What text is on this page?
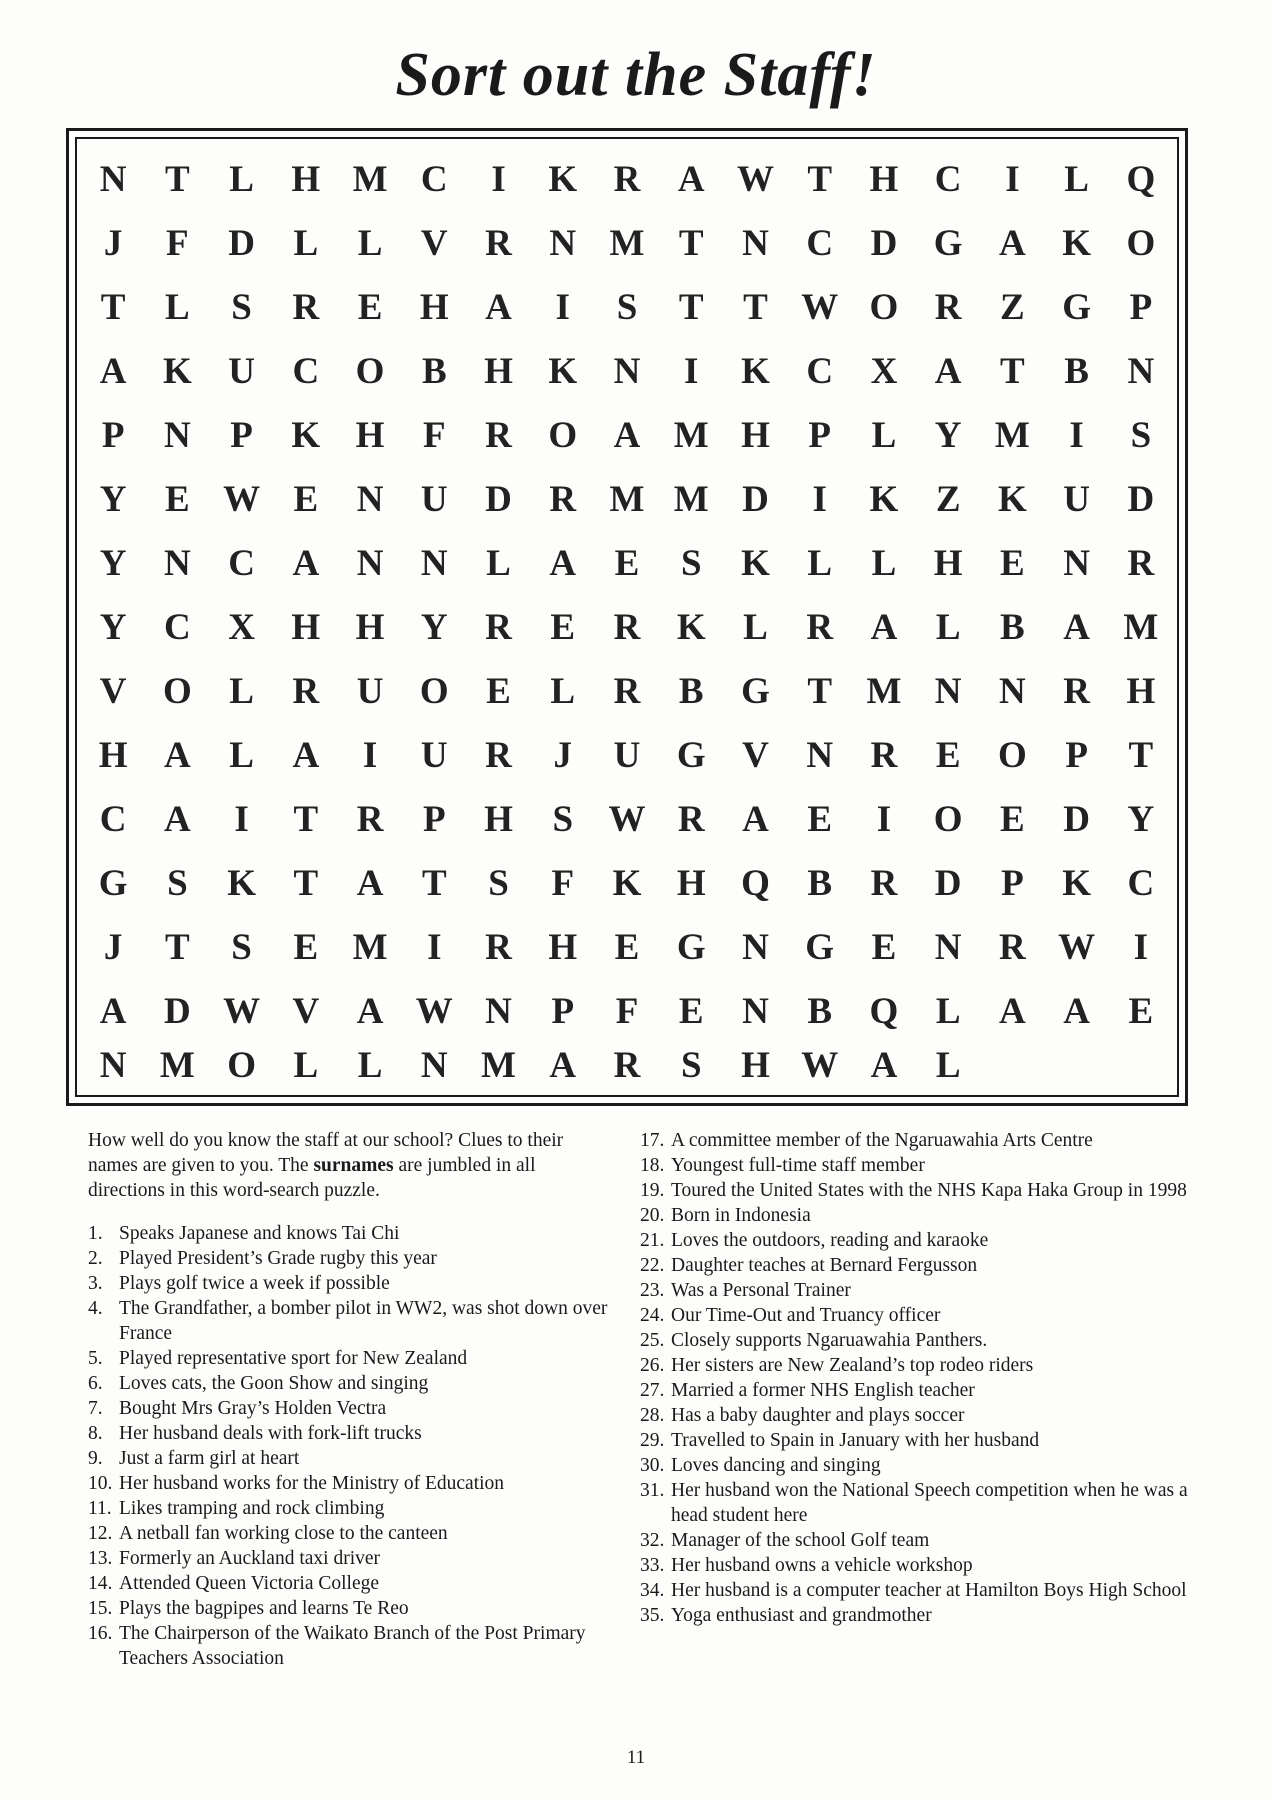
Sort out the Staff!
N	T	L	H M C	I	K R	A W T	H C	I	L	Q
J	F	D	L	L	V	R	N M T	N	C	D G A K O
T	L	S	R	E	H A	I	S	T	T W O R	Z	G	P
A K U	C O	B	H K N	I	K C	X	A	T	B	N
P	N	P	K H	F	R O A M H	P	L	Y M	I	S
Y	E W E	N	U	D	R M M D	I	K	Z	K U	D
Y	N	C	A	N	N	L	A	E	S	K	L	L	H	E	N	R
Y	C	X H H Y	R	E	R K	L	R	A	L	B	A M
V O	L	R	U O	E	L	R	B	G	T M N	N	R H
H A	L	A	I	U	R	J	U G V	N	R	E	O	P	T
C	A	I	T	R	P	H	S W R	A	E	I	O	E	D	Y
G	S	K	T	A	T	S	F	K H Q	B	R	D	P	K C
J	T	S	E M	I	R H	E	G N G	E	N	R W	I
A	D W V	A W N	P	F	E	N	B	Q	L	A	A	E
N M O	L	L	N M A	R	S	H W A	L

How well do you know the staff at our school? Clues to their names are given to you. The surnames are jumbled in all directions in this word-search puzzle.

1. Speaks Japanese and knows Tai Chi
2. Played President’s Grade rugby this year
3. Plays golf twice a week if possible
4. The Grandfather, a bomber pilot in WW2, was shot down over France
5. Played representative sport for New Zealand
6. Loves cats, the Goon Show and singing
7. Bought Mrs Gray’s Holden Vectra
8. Her husband deals with fork-lift trucks
9. Just a farm girl at heart
10. Her husband works for the Ministry of Education
11. Likes tramping and rock climbing
12. A netball fan working close to the canteen
13. Formerly an Auckland taxi driver
14. Attended Queen Victoria College
15. Plays the bagpipes and learns Te Reo
16. The Chairperson of the Waikato Branch of the Post Primary Teachers Association
17. A committee member of the Ngaruawahia Arts Centre
18. Youngest full-time staff member
19. Toured the United States with the NHS Kapa Haka Group in 1998
20. Born in Indonesia
21. Loves the outdoors, reading and karaoke
22. Daughter teaches at Bernard Fergusson
23. Was a Personal Trainer
24. Our Time-Out and Truancy officer
25. Closely supports Ngaruawahia Panthers.
26. Her sisters are New Zealand’s top rodeo riders
27. Married a former NHS English teacher
28. Has a baby daughter and plays soccer
29. Travelled to Spain in January with her husband
30. Loves dancing and singing
31. Her husband won the National Speech competition when he was a head student here
32. Manager of the school Golf team
33. Her husband owns a vehicle workshop
34. Her husband is a computer teacher at Hamilton Boys High School
35. Yoga enthusiast and grandmother
11
